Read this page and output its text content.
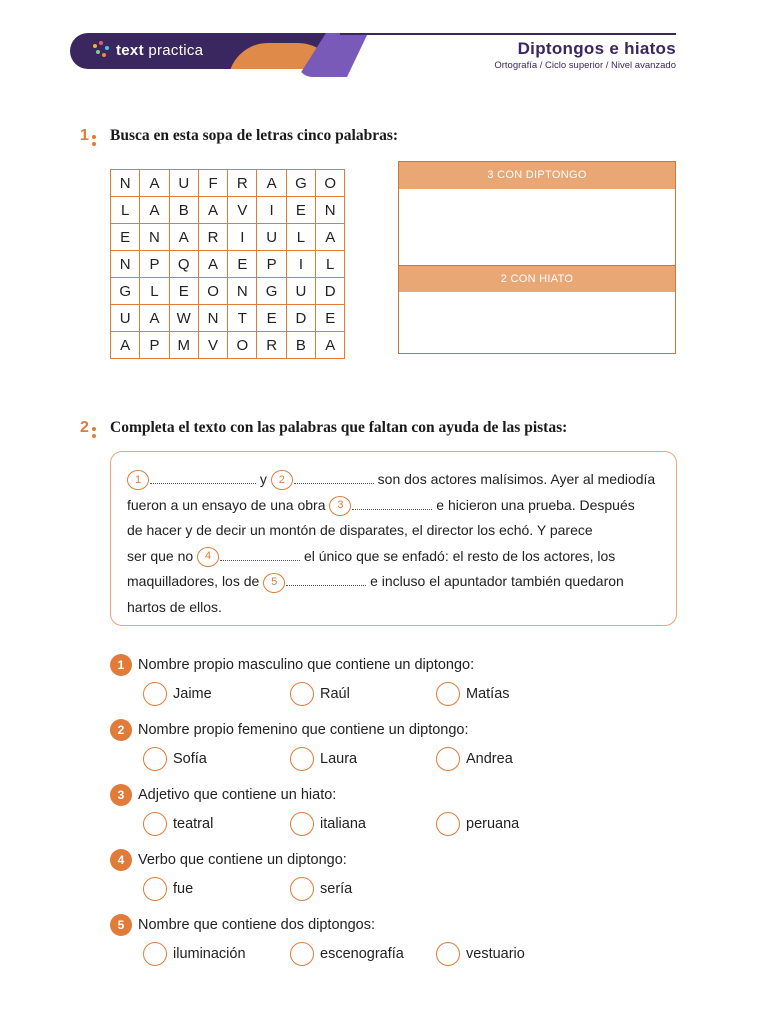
text practica	Diptongos e hiatos
Ortografía / Ciclo superior / Nivel avanzado
1 Busca en esta sopa de letras cinco palabras:
N	A	U	F	R	A	G	O
L	A	B	A	V	I	E	N
E	N	A	R	I	U	L	A
N	P	Q	A	E	P	I	L
G	L	E	O	N	G	U	D
U	A	W	N	T	E	D	E
A	P	M	V	O	R	B	A
3 CON DIPTONGO
2 CON HIATO
2 Completa el texto con las palabras que faltan con ayuda de las pistas:
1	y 2	son dos actores malísimos. Ayer al mediodía
fueron a un ensayo de una obra 3	e hicieron una prueba. Después
de hacer y de decir un montón de disparates, el director los echó. Y parece
ser que no 4	el único que se enfadó: el resto de los actores, los
maquilladores, los de 5	e incluso el apuntador también quedaron
hartos de ellos.
1 Nombre propio masculino que contiene un diptongo:
Jaime	Raúl	Matías
2 Nombre propio femenino que contiene un diptongo:
Sofía	Laura	Andrea
3 Adjetivo que contiene un hiato:
teatral	italiana	peruana
4 Verbo que contiene un diptongo:
fue	sería
5 Nombre que contiene dos diptongos:
iluminación	escenografía	vestuario
